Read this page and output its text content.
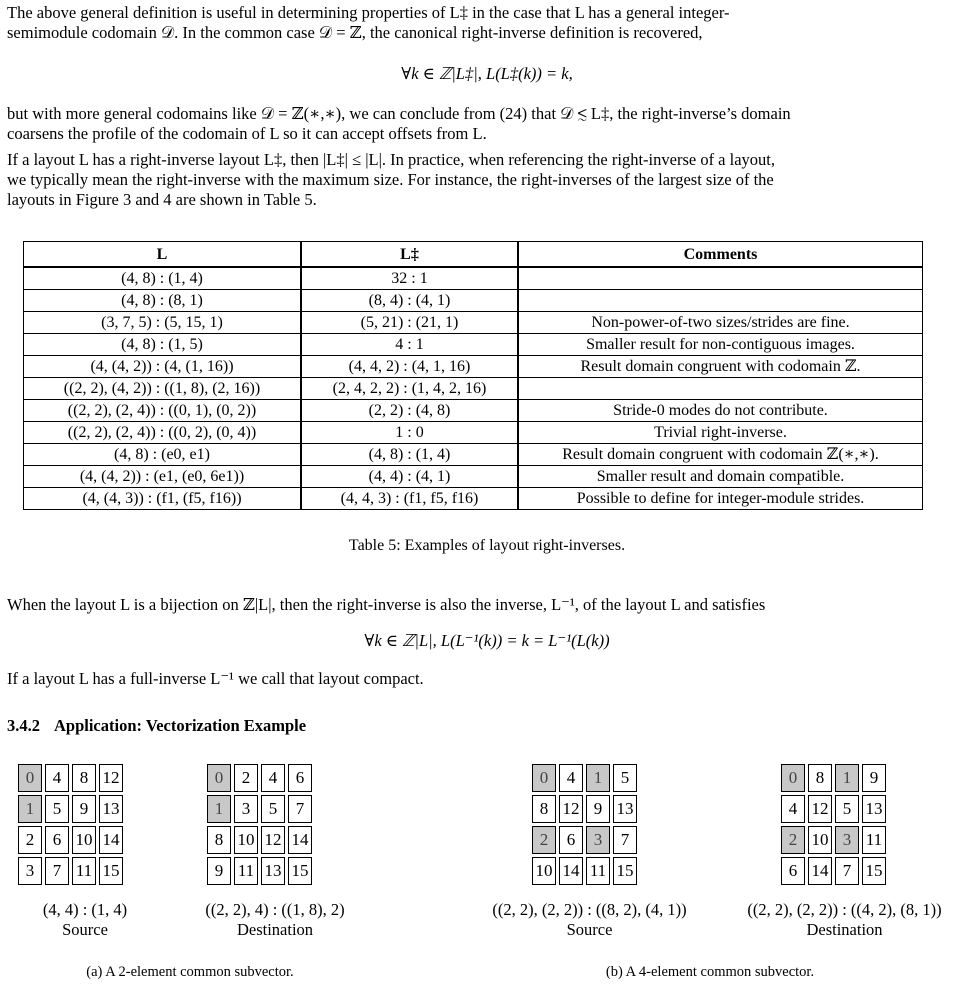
The above general definition is useful in determining properties of L‡ in the case that L has a general integer-
semimodule codomain 𝒟. In the common case 𝒟 = ℤ, the canonical right-inverse definition is recovered,
∀k ∈ ℤ|L‡|, L(L‡(k)) = k,
but with more general codomains like 𝒟 = ℤ(∗,∗), we can conclude from (24) that 𝒟 ≲ L‡, the right-inverse’s domain
coarsens the profile of the codomain of L so it can accept offsets from L.
If a layout L has a right-inverse layout L‡, then |L‡| ≤ |L|. In practice, when referencing the right-inverse of a layout,
we typically mean the right-inverse with the maximum size. For instance, the right-inverses of the largest size of the
layouts in Figure 3 and 4 are shown in Table 5.
L	L‡	Comments
(4, 8) : (1, 4)	32 : 1	
(4, 8) : (8, 1)	(8, 4) : (4, 1)	
(3, 7, 5) : (5, 15, 1)	(5, 21) : (21, 1)	Non-power-of-two sizes/strides are fine.
(4, 8) : (1, 5)	4 : 1	Smaller result for non-contiguous images.
(4, (4, 2)) : (4, (1, 16))	(4, 4, 2) : (4, 1, 16)	Result domain congruent with codomain ℤ.
((2, 2), (4, 2)) : ((1, 8), (2, 16))	(2, 4, 2, 2) : (1, 4, 2, 16)	
((2, 2), (2, 4)) : ((0, 1), (0, 2))	(2, 2) : (4, 8)	Stride-0 modes do not contribute.
((2, 2), (2, 4)) : ((0, 2), (0, 4))	1 : 0	Trivial right-inverse.
(4, 8) : (e0, e1)	(4, 8) : (1, 4)	Result domain congruent with codomain ℤ(∗,∗).
(4, (4, 2)) : (e1, (e0, 6e1))	(4, 4) : (4, 1)	Smaller result and domain compatible.
(4, (4, 3)) : (f1, (f5, f16))	(4, 4, 3) : (f1, f5, f16)	Possible to define for integer-module strides.
Table 5: Examples of layout right-inverses.
When the layout L is a bijection on ℤ|L|, then the right-inverse is also the inverse, L⁻¹, of the layout L and satisfies
∀k ∈ ℤ|L|, L(L⁻¹(k)) = k = L⁻¹(L(k))
If a layout L has a full-inverse L⁻¹ we call that layout compact.
3.4.2 Application: Vectorization Example
0	4	8	12
1	5	9	13
2	6	10	14
3	7	11	15
(4, 4) : (1, 4)
Source
0	2	4	6
1	3	5	7
8	10	12	14
9	11	13	15
((2, 2), 4) : ((1, 8), 2)
Destination
(a) A 2-element common subvector.
0	4	1	5
8	12	9	13
2	6	3	7
10	14	11	15
((2, 2), (2, 2)) : ((8, 2), (4, 1))
Source
0	8	1	9
4	12	5	13
2	10	3	11
6	14	7	15
((2, 2), (2, 2)) : ((4, 2), (8, 1))
Destination
(b) A 4-element common subvector.
